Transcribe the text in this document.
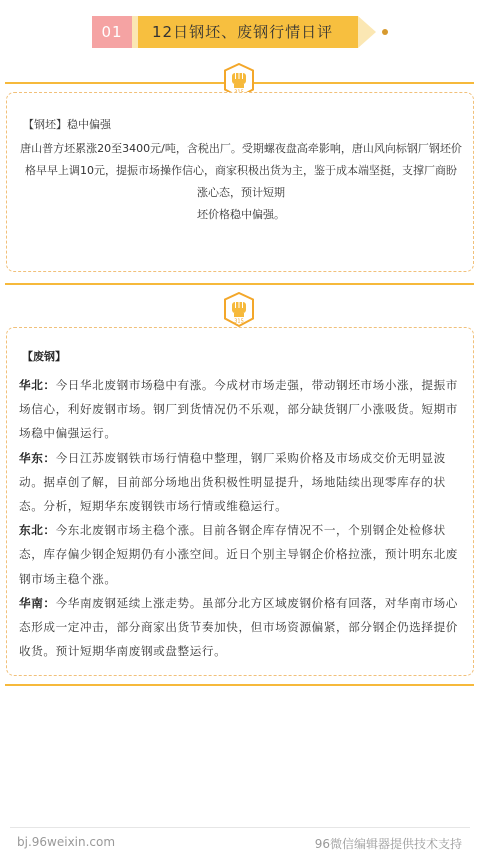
01	12日钢坯、废钢行情日评
【钢坯】稳中偏强
唐山普方坯累涨20至3400元/吨，含税出厂。受期螺夜盘高牵影响，唐山风向标钢厂钢坯价
格早早上调10元，提振市场操作信心，商家积极出货为主，鉴于成本端坚挺，支撑厂商盼
涨心态，预计短期
坯价格稳中偏强。
315
【废钢】

华北：今日华北废钢市场稳中有涨。今成材市场走强，带动钢坯市场小涨，提振市场信心，利好废钢市场。钢厂到货情况仍不乐观，部分缺货钢厂小涨吸货。短期市场稳中偏强运行。

华东：今日江苏废钢铁市场行情稳中整理，钢厂采购价格及市场成交价无明显波动。据卓创了解，目前部分场地出货积极性明显提升，场地陆续出现零库存的状态。分析，短期华东废钢铁市场行情或维稳运行。

东北：今东北废钢市场主稳个涨。目前各钢企库存情况不一，个别钢企处检修状态，库存偏少钢企短期仍有小涨空间。近日个别主导钢企价格拉涨，预计明东北废钢市场主稳个涨。

华南：今华南废钢延续上涨走势。虽部分北方区域废钢价格有回落，对华南市场心态形成一定冲击，部分商家出货节奏加快，但市场资源偏紧，部分钢企仍选择提价收货。预计短期华南废钢或盘整运行。

bj.96weixin.com	96微信编辑器提供技术支持
